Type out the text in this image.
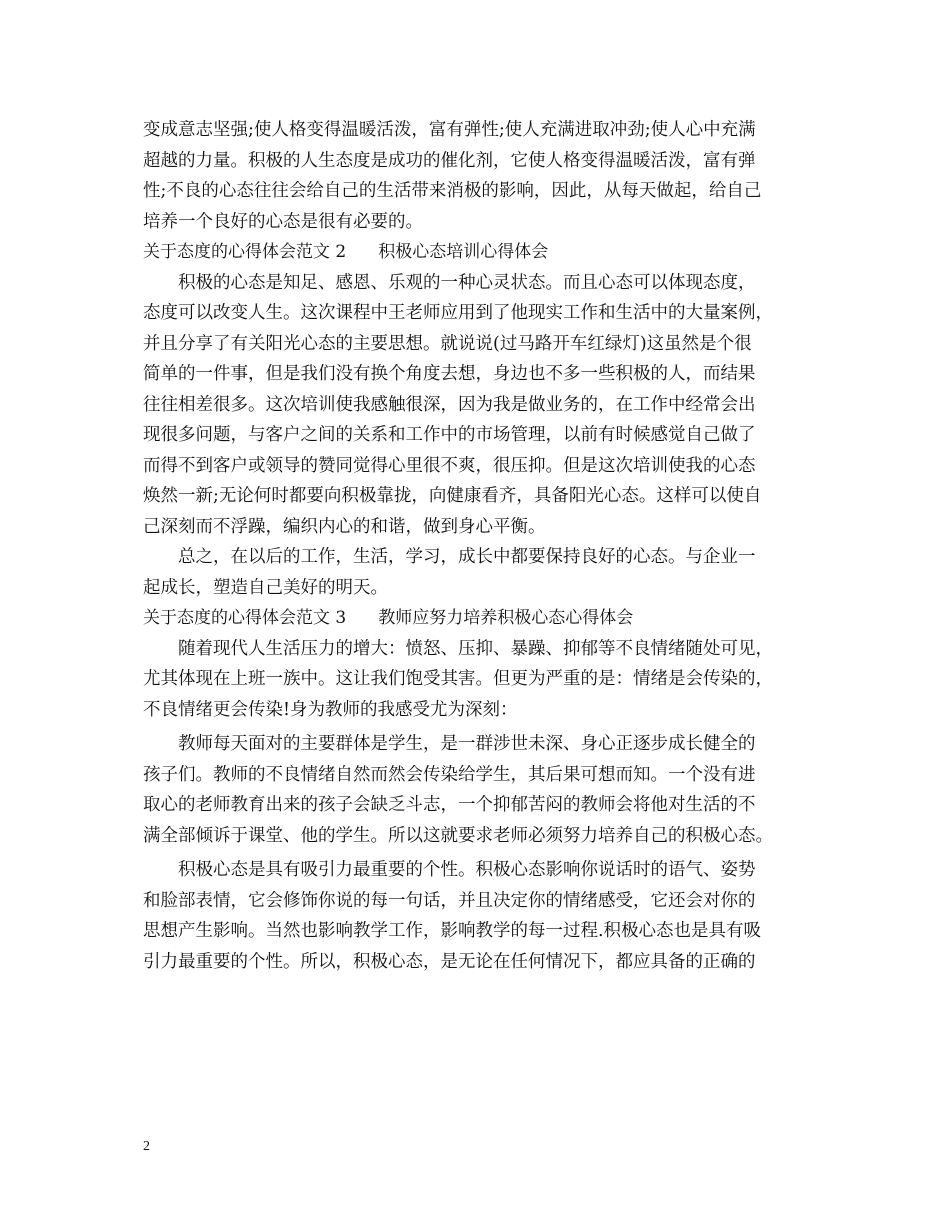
变成意志坚强;使人格变得温暖活泼，富有弹性;使人充满进取冲劲;使人心中充满

超越的力量。积极的人生态度是成功的催化剂，它使人格变得温暖活泼，富有弹

性;不良的心态往往会给自己的生活带来消极的影响，因此，从每天做起，给自己

培养一个良好的心态是很有必要的。

关于态度的心得体会范文 2 积极心态培训心得体会

积极的心态是知足、感恩、乐观的一种心灵状态。而且心态可以体现态度，

态度可以改变人生。这次课程中王老师应用到了他现实工作和生活中的大量案例，

并且分享了有关阳光心态的主要思想。就说说(过马路开车红绿灯)这虽然是个很

简单的一件事，但是我们没有换个角度去想，身边也不多一些积极的人，而结果

往往相差很多。这次培训使我感触很深，因为我是做业务的，在工作中经常会出

现很多问题，与客户之间的关系和工作中的市场管理，以前有时候感觉自己做了

而得不到客户或领导的赞同觉得心里很不爽，很压抑。但是这次培训使我的心态

焕然一新;无论何时都要向积极靠拢，向健康看齐，具备阳光心态。这样可以使自

己深刻而不浮躁，编织内心的和谐，做到身心平衡。

总之，在以后的工作，生活，学习，成长中都要保持良好的心态。与企业一

起成长，塑造自己美好的明天。

关于态度的心得体会范文 3 教师应努力培养积极心态心得体会

随着现代人生活压力的增大：愤怒、压抑、暴躁、抑郁等不良情绪随处可见，

尤其体现在上班一族中。这让我们饱受其害。但更为严重的是：情绪是会传染的，

不良情绪更会传染!身为教师的我感受尤为深刻：

教师每天面对的主要群体是学生，是一群涉世未深、身心正逐步成长健全的

孩子们。教师的不良情绪自然而然会传染给学生，其后果可想而知。一个没有进

取心的老师教育出来的孩子会缺乏斗志，一个抑郁苦闷的教师会将他对生活的不

满全部倾诉于课堂、他的学生。所以这就要求老师必须努力培养自己的积极心态。

积极心态是具有吸引力最重要的个性。积极心态影响你说话时的语气、姿势

和脸部表情，它会修饰你说的每一句话，并且决定你的情绪感受，它还会对你的

思想产生影响。当然也影响教学工作，影响教学的每一过程.积极心态也是具有吸

引力最重要的个性。所以，积极心态，是无论在任何情况下，都应具备的正确的

2
